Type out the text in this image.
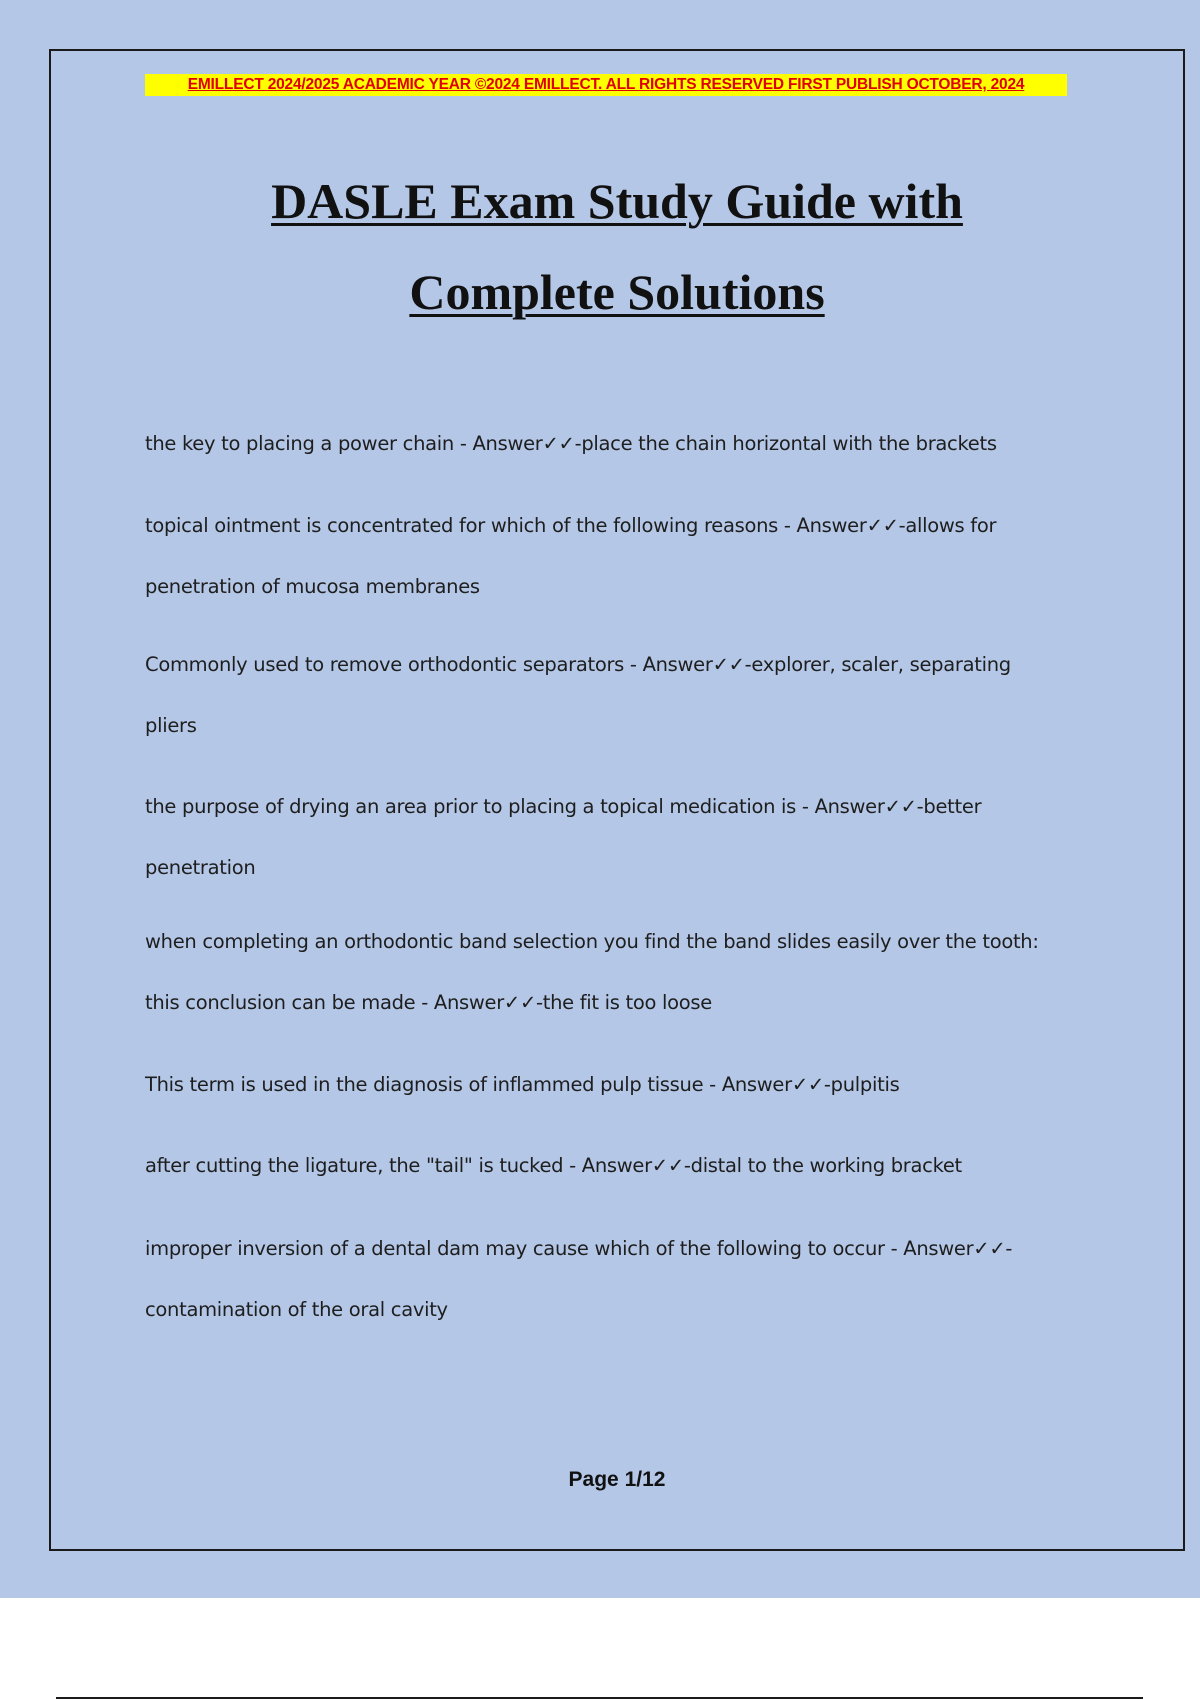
EMILLECT 2024/2025 ACADEMIC YEAR ©2024 EMILLECT. ALL RIGHTS RESERVED FIRST PUBLISH OCTOBER, 2024
DASLE Exam Study Guide with
Complete Solutions
the key to placing a power chain - Answer✓✓-place the chain horizontal with the brackets
topical ointment is concentrated for which of the following reasons - Answer✓✓-allows for
penetration of mucosa membranes
Commonly used to remove orthodontic separators - Answer✓✓-explorer, scaler, separating
pliers
the purpose of drying an area prior to placing a topical medication is - Answer✓✓-better
penetration
when completing an orthodontic band selection you find the band slides easily over the tooth:
this conclusion can be made - Answer✓✓-the fit is too loose
This term is used in the diagnosis of inflammed pulp tissue - Answer✓✓-pulpitis
after cutting the ligature, the "tail" is tucked - Answer✓✓-distal to the working bracket
improper inversion of a dental dam may cause which of the following to occur - Answer✓✓-
contamination of the oral cavity
Page 1/12
